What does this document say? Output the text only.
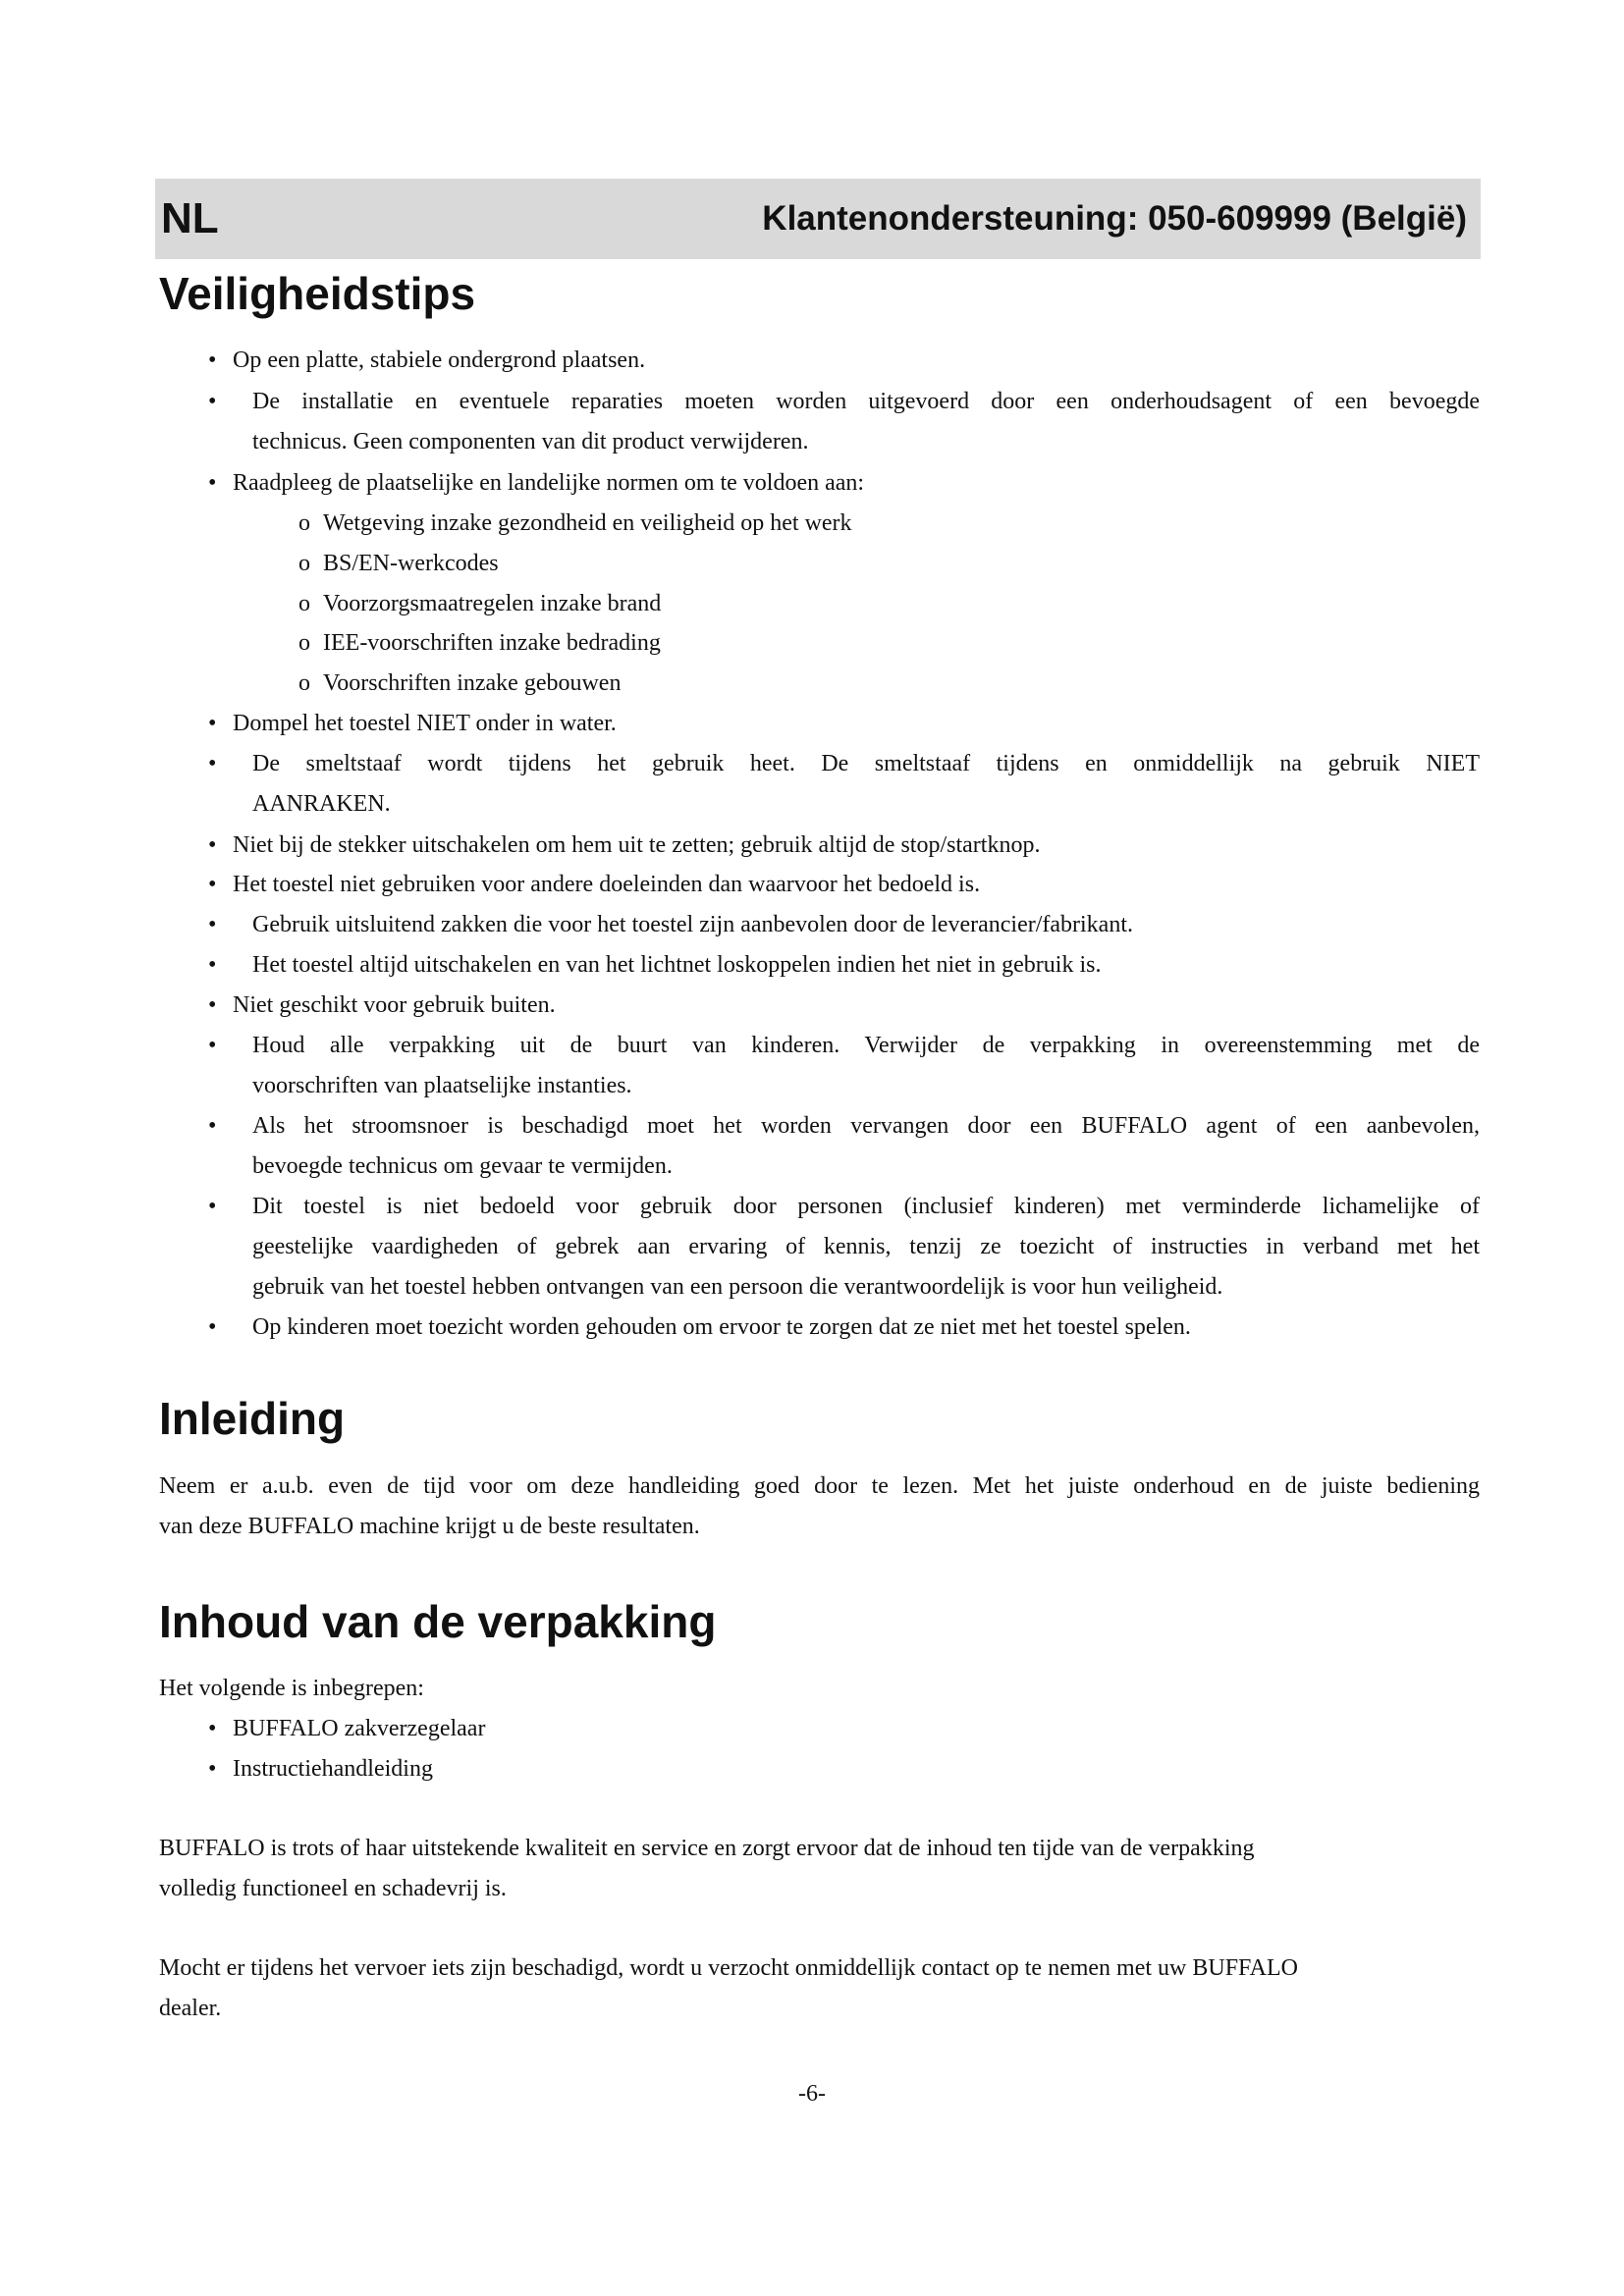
NL	Klantenondersteuning: 050-609999 (België)
Veiligheidstips
• Op een platte, stabiele ondergrond plaatsen.
• De installatie en eventuele reparaties moeten worden uitgevoerd door een onderhoudsagent of een bevoegde
technicus. Geen componenten van dit product verwijderen.
• Raadpleeg de plaatselijke en landelijke normen om te voldoen aan:
o Wetgeving inzake gezondheid en veiligheid op het werk
o BS/EN-werkcodes
o Voorzorgsmaatregelen inzake brand
o IEE-voorschriften inzake bedrading
o Voorschriften inzake gebouwen
• Dompel het toestel NIET onder in water.
• De smeltstaaf wordt tijdens het gebruik heet. De smeltstaaf tijdens en onmiddellijk na gebruik NIET
AANRAKEN.
• Niet bij de stekker uitschakelen om hem uit te zetten; gebruik altijd de stop/startknop.
• Het toestel niet gebruiken voor andere doeleinden dan waarvoor het bedoeld is.
• Gebruik uitsluitend zakken die voor het toestel zijn aanbevolen door de leverancier/fabrikant.
• Het toestel altijd uitschakelen en van het lichtnet loskoppelen indien het niet in gebruik is.
• Niet geschikt voor gebruik buiten.
• Houd alle verpakking uit de buurt van kinderen. Verwijder de verpakking in overeenstemming met de
voorschriften van plaatselijke instanties.
• Als het stroomsnoer is beschadigd moet het worden vervangen door een BUFFALO agent of een aanbevolen,
bevoegde technicus om gevaar te vermijden.
• Dit toestel is niet bedoeld voor gebruik door personen (inclusief kinderen) met verminderde lichamelijke of
geestelijke vaardigheden of gebrek aan ervaring of kennis, tenzij ze toezicht of instructies in verband met het
gebruik van het toestel hebben ontvangen van een persoon die verantwoordelijk is voor hun veiligheid.
• Op kinderen moet toezicht worden gehouden om ervoor te zorgen dat ze niet met het toestel spelen.
Inleiding
Neem er a.u.b. even de tijd voor om deze handleiding goed door te lezen. Met het juiste onderhoud en de juiste bediening
van deze BUFFALO machine krijgt u de beste resultaten.
Inhoud van de verpakking
Het volgende is inbegrepen:
• BUFFALO zakverzegelaar
• Instructiehandleiding
BUFFALO is trots of haar uitstekende kwaliteit en service en zorgt ervoor dat de inhoud ten tijde van de verpakking
volledig functioneel en schadevrij is.
Mocht er tijdens het vervoer iets zijn beschadigd, wordt u verzocht onmiddellijk contact op te nemen met uw BUFFALO
dealer.
-6-
